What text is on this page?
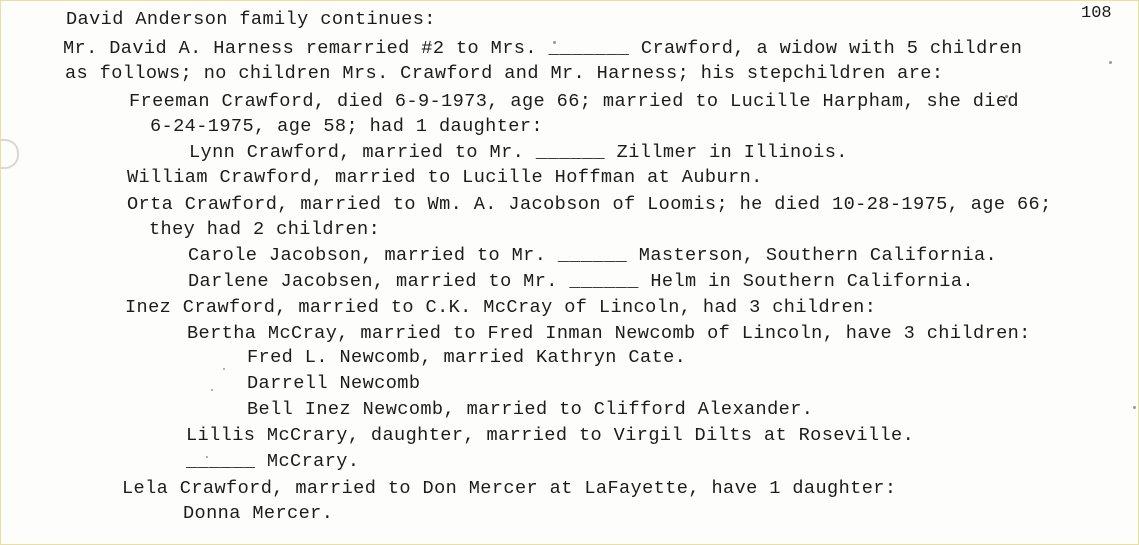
108
David Anderson family continues:
Mr. David A. Harness remarried #2 to Mrs. _______ Crawford, a widow with 5 children
as follows; no children Mrs. Crawford and Mr. Harness; his stepchildren are:
Freeman Crawford, died 6-9-1973, age 66; married to Lucille Harpham, she died
6-24-1975, age 58; had 1 daughter:
Lynn Crawford, married to Mr. ______ Zillmer in Illinois.
William Crawford, married to Lucille Hoffman at Auburn.
Orta Crawford, married to Wm. A. Jacobson of Loomis; he died 10-28-1975, age 66;
they had 2 children:
Carole Jacobson, married to Mr. ______ Masterson, Southern California.
Darlene Jacobsen, married to Mr. ______ Helm in Southern California.
Inez Crawford, married to C.K. McCray of Lincoln, had 3 children:
Bertha McCray, married to Fred Inman Newcomb of Lincoln, have 3 children:
Fred L. Newcomb, married Kathryn Cate.
Darrell Newcomb
Bell Inez Newcomb, married to Clifford Alexander.
Lillis McCrary, daughter, married to Virgil Dilts at Roseville.
______ McCrary.
Lela Crawford, married to Don Mercer at LaFayette, have 1 daughter:
Donna Mercer.
